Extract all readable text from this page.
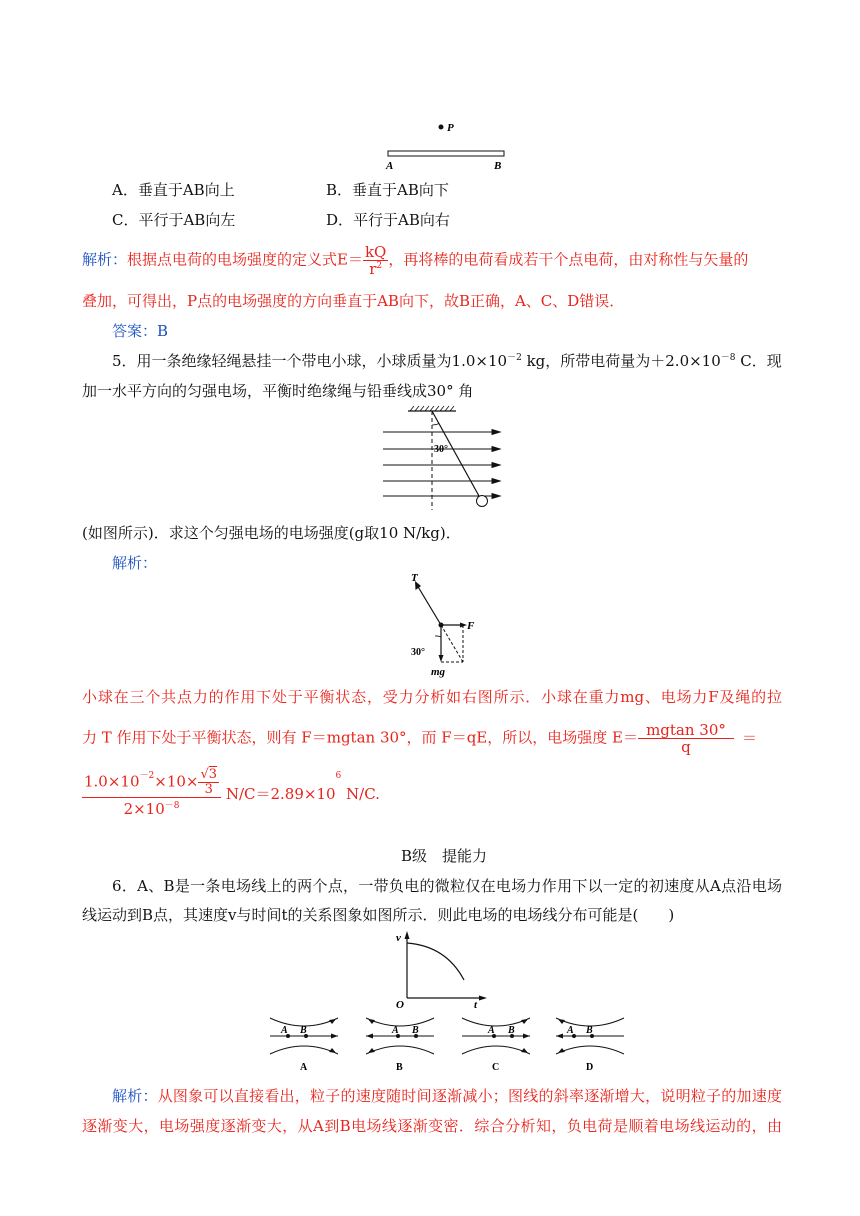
P
A	B
A．垂直于AB向上	B．垂直于AB向下
C．平行于AB向左	D．平行于AB向右
解析：根据点电荷的电场强度的定义式$E= \frac{kQ}{r^2}$ ，再将棒的电荷看成若干个点电荷，由对称性与矢量的
叠加，可得出，P点的电场强度的方向垂直于AB向下，故B正确，A、C、D错误．
答案：B
5．用一条绝缘轻绳悬挂一个带电小球，小球质量为$1.0\times 10^{-2}$ kg，所带电荷量为$+2.0\times 10^{-8}$ C．现
加一水平方向的匀强电场，平衡时绝缘绳与铅垂线成30° 角
30°
(如图所示)．求这个匀强电场的电场强度(g取10 N/kg)．
解析：
T
F
30°
mg
小球在三个共点力的作用下处于平衡状态，受力分析如右图所示．小球在重力mg、电场力F及绳的拉
力 T 作用下处于平衡状态，则有 F＝mgtan 30°，而 F＝qE，所以，电场强度 $E= \frac{mgtan 30^\circ}{q}$ ＝
$\frac{1.0\times 10^{-2}\times 10\times \frac{√3}{3}}{2\times 10^{-8}} N/C=2.89\times 10^6$ N/C.
B级　提能力
6．A、B是一条电场线上的两个点，一带负电的微粒仅在电场力作用下以一定的初速度从A点沿电场
线运动到B点，其速度v与时间t的关系图象如图所示．则此电场的电场线分布可能是(　　)
v
t
O
A B
A
A B
B
A B
C
A B
D
解析：从图象可以直接看出，粒子的速度随时间逐渐减小；图线的斜率逐渐增大，说明粒子的加速度
逐渐变大，电场强度逐渐变大，从A到B电场线逐渐变密．综合分析知，负电荷是顺着电场线运动的，由
